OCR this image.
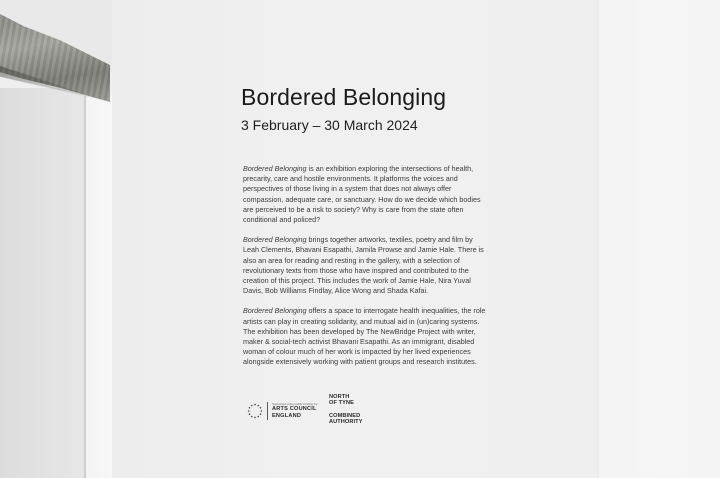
Bordered Belonging
3 February – 30 March 2024

Bordered Belonging is an exhibition exploring the intersections of health, precarity, care and hostile environments. It platforms the voices and perspectives of those living in a system that does not always offer compassion, adequate care, or sanctuary. How do we decide which bodies are perceived to be a risk to society? Why is care from the state often conditional and policed?

Bordered Belonging brings together artworks, textiles, poetry and film by Leah Clements, Bhavani Esapathi, Jamila Prowse and Jamie Hale. There is also an area for reading and resting in the gallery, with a selection of revolutionary texts from those who have inspired and contributed to the creation of this project. This includes the work of Jamie Hale, Nira Yuval Davis, Bob Williams Findlay, Alice Wong and Shada Kafai.

Bordered Belonging offers a space to interrogate health inequalities, the role artists can play in creating solidarity, and mutual aid in (un)caring systems. The exhibition has been developed by The NewBridge Project with writer, maker & social-tech activist Bhavani Esapathi. As an immigrant, disabled woman of colour much of her work is impacted by her lived experiences alongside extensively working with patient groups and research institutes.

Supported using public funding by
ARTS COUNCIL
ENGLAND
NORTH
OF TYNE
COMBINED
AUTHORITY
